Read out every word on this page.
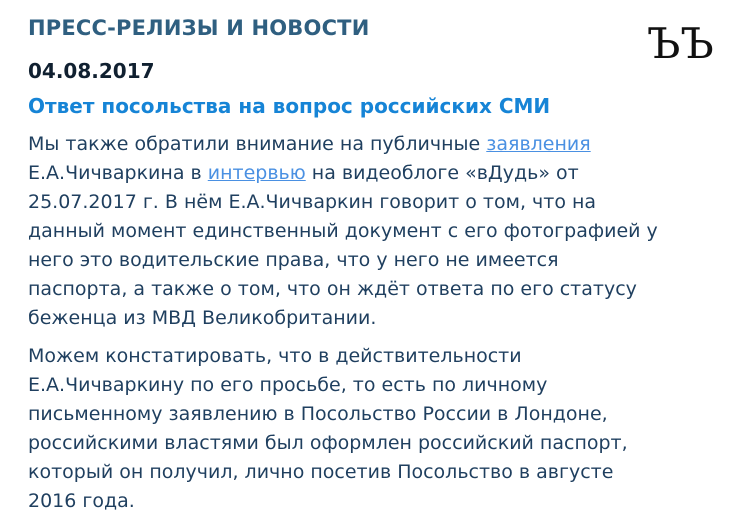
ПРЕСС-РЕЛИЗЫ И НОВОСТИ	ЪЪ
04.08.2017
Ответ посольства на вопрос российских СМИ

Мы также обратили внимание на публичные заявления
Е.А.Чичваркина в интервью на видеоблоге «вДудь» от
25.07.2017 г. В нём Е.А.Чичваркин говорит о том, что на
данный момент единственный документ с его фотографией у
него это водительские права, что у него не имеется
паспорта, а также о том, что он ждёт ответа по его статусу
беженца из МВД Великобритании.

Можем констатировать, что в действительности
Е.А.Чичваркину по его просьбе, то есть по личному
письменному заявлению в Посольство России в Лондоне,
российскими властями был оформлен российский паспорт,
который он получил, лично посетив Посольство в августе
2016 года.
